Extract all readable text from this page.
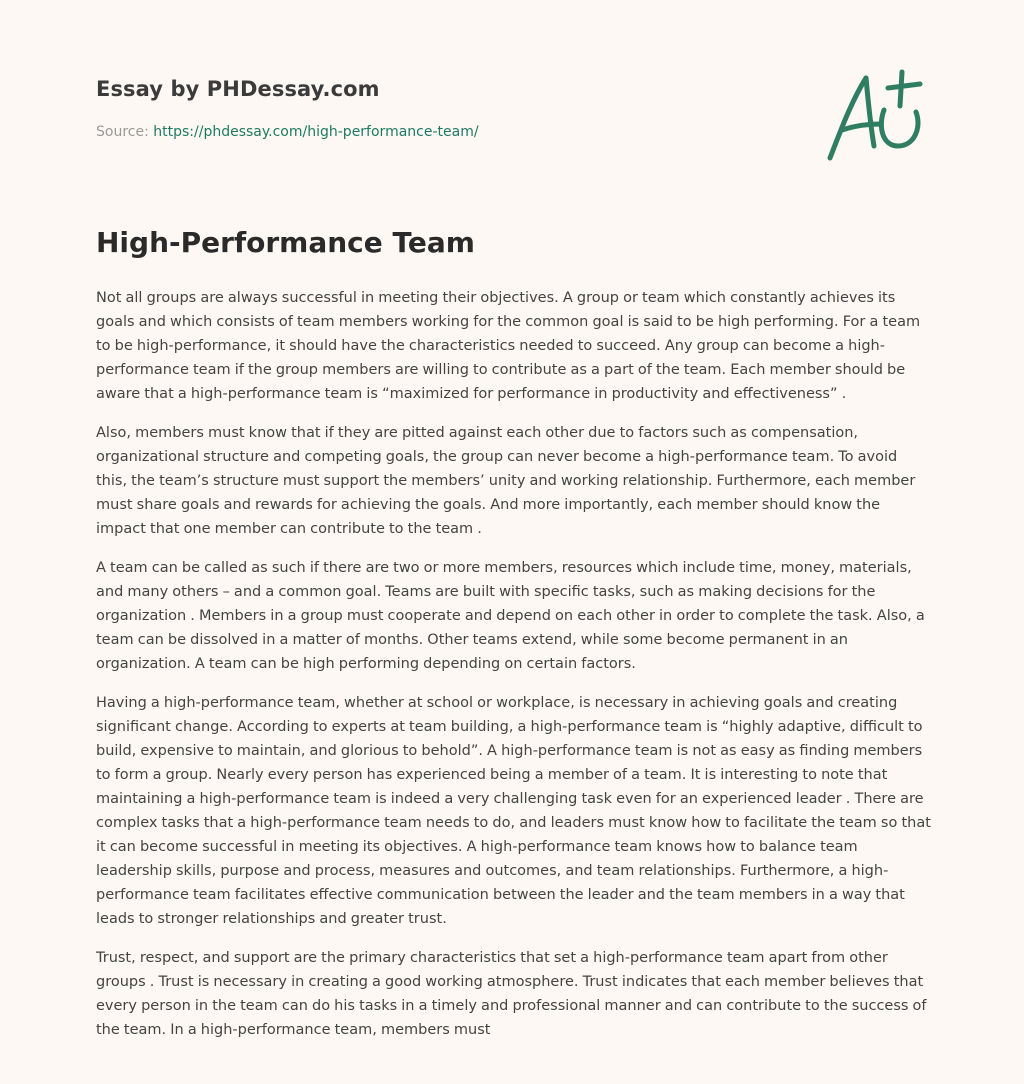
Essay by PHDessay.com
Source: https://phdessay.com/high-performance-team/
High-Performance Team

Not all groups are always successful in meeting their objectives. A group or team which constantly achieves its goals and which consists of team members working for the common goal is said to be high performing. For a team to be high-performance, it should have the characteristics needed to succeed. Any group can become a high-performance team if the group members are willing to contribute as a part of the team. Each member should be aware that a high-performance team is “maximized for performance in productivity and effectiveness” .

Also, members must know that if they are pitted against each other due to factors such as compensation, organizational structure and competing goals, the group can never become a high-performance team. To avoid this, the team’s structure must support the members’ unity and working relationship. Furthermore, each member must share goals and rewards for achieving the goals. And more importantly, each member should know the impact that one member can contribute to the team .

A team can be called as such if there are two or more members, resources which include time, money, materials, and many others – and a common goal. Teams are built with specific tasks, such as making decisions for the organization . Members in a group must cooperate and depend on each other in order to complete the task. Also, a team can be dissolved in a matter of months. Other teams extend, while some become permanent in an organization. A team can be high performing depending on certain factors.

Having a high-performance team, whether at school or workplace, is necessary in achieving goals and creating significant change. According to experts at team building, a high-performance team is “highly adaptive, difficult to build, expensive to maintain, and glorious to behold”. A high-performance team is not as easy as finding members to form a group. Nearly every person has experienced being a member of a team. It is interesting to note that maintaining a high-performance team is indeed a very challenging task even for an experienced leader . There are complex tasks that a high-performance team needs to do, and leaders must know how to facilitate the team so that it can become successful in meeting its objectives. A high-performance team knows how to balance team leadership skills, purpose and process, measures and outcomes, and team relationships. Furthermore, a high-performance team facilitates effective communication between the leader and the team members in a way that leads to stronger relationships and greater trust.

Trust, respect, and support are the primary characteristics that set a high-performance team apart from other groups . Trust is necessary in creating a good working atmosphere. Trust indicates that each member believes that every person in the team can do his tasks in a timely and professional manner and can contribute to the success of the team. In a high-performance team, members must
